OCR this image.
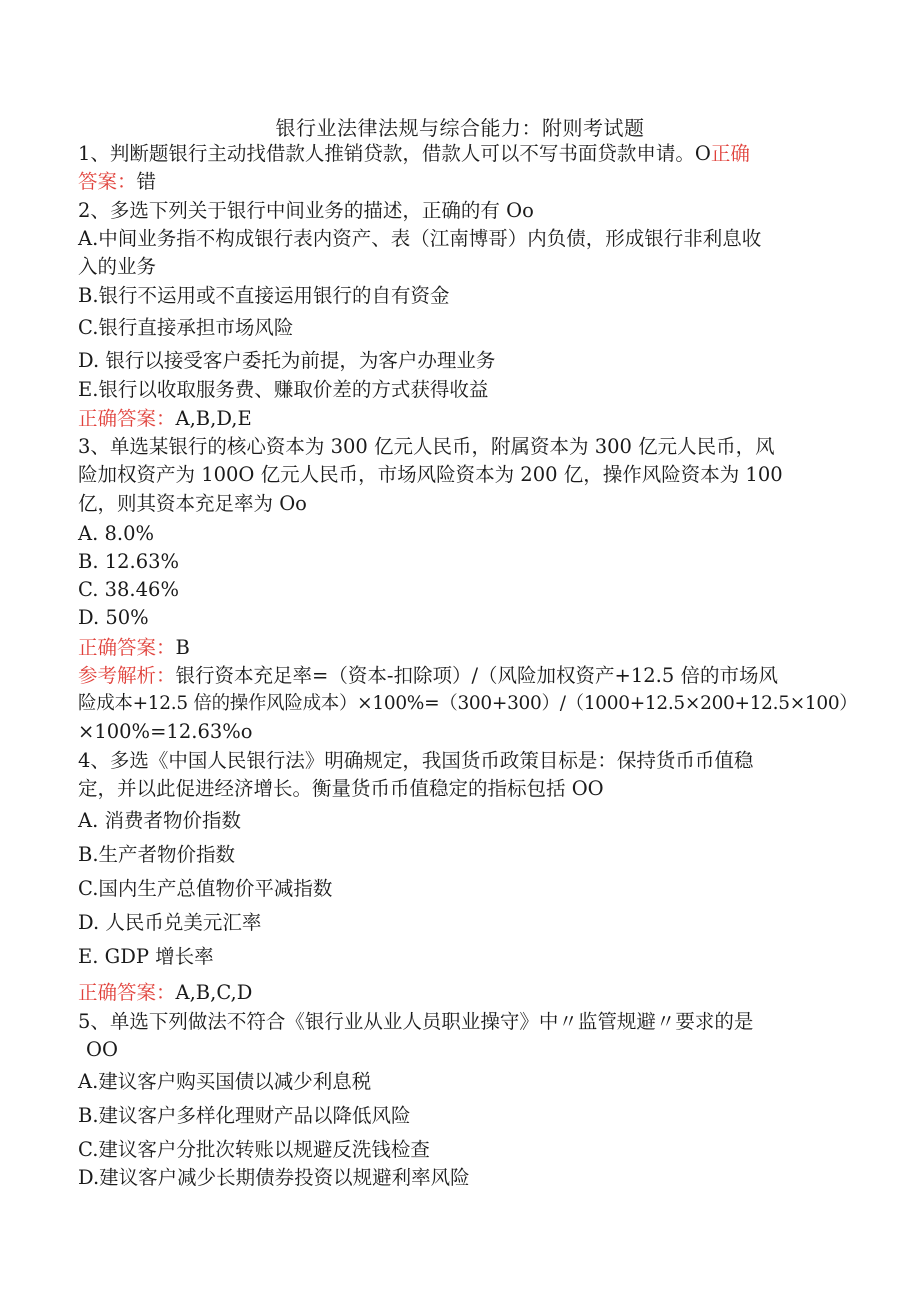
银行业法律法规与综合能力：附则考试题
1、判断题银行主动找借款人推销贷款，借款人可以不写书面贷款申请。O正确
答案：错
2、多选下列关于银行中间业务的描述，正确的有 Oo
A.中间业务指不构成银行表内资产、表（江南博哥）内负债，形成银行非利息收
入的业务
B.银行不运用或不直接运用银行的自有资金
C.银行直接承担市场风险
D. 银行以接受客户委托为前提，为客户办理业务
E.银行以收取服务费、赚取价差的方式获得收益
正确答案：A,B,D,E
3、单选某银行的核心资本为 300 亿元人民币，附属资本为 300 亿元人民币，风
险加权资产为 100O 亿元人民币，市场风险资本为 200 亿，操作风险资本为 100
亿，则其资本充足率为 Oo
A. 8.0%
B. 12.63%
C. 38.46%
D. 50%
正确答案：B
参考解析：银行资本充足率=（资本-扣除项）/（风险加权资产+12.5 倍的市场风
险成本+12.5 倍的操作风险成本）×100%=（300+300）/（1000+12.5×200+12.5×100）
×100%=12.63%o
4、多选《中国人民银行法》明确规定，我国货币政策目标是：保持货币币值稳
定，并以此促进经济增长。衡量货币币值稳定的指标包括 OO
A. 消费者物价指数
B.生产者物价指数
C.国内生产总值物价平减指数
D. 人民币兑美元汇率
E. GDP 增长率
正确答案：A,B,C,D
5、单选下列做法不符合《银行业从业人员职业操守》中〃监管规避〃要求的是
OO
A.建议客户购买国债以减少利息税
B.建议客户多样化理财产品以降低风险
C.建议客户分批次转账以规避反洗钱检查
D.建议客户减少长期债券投资以规避利率风险
